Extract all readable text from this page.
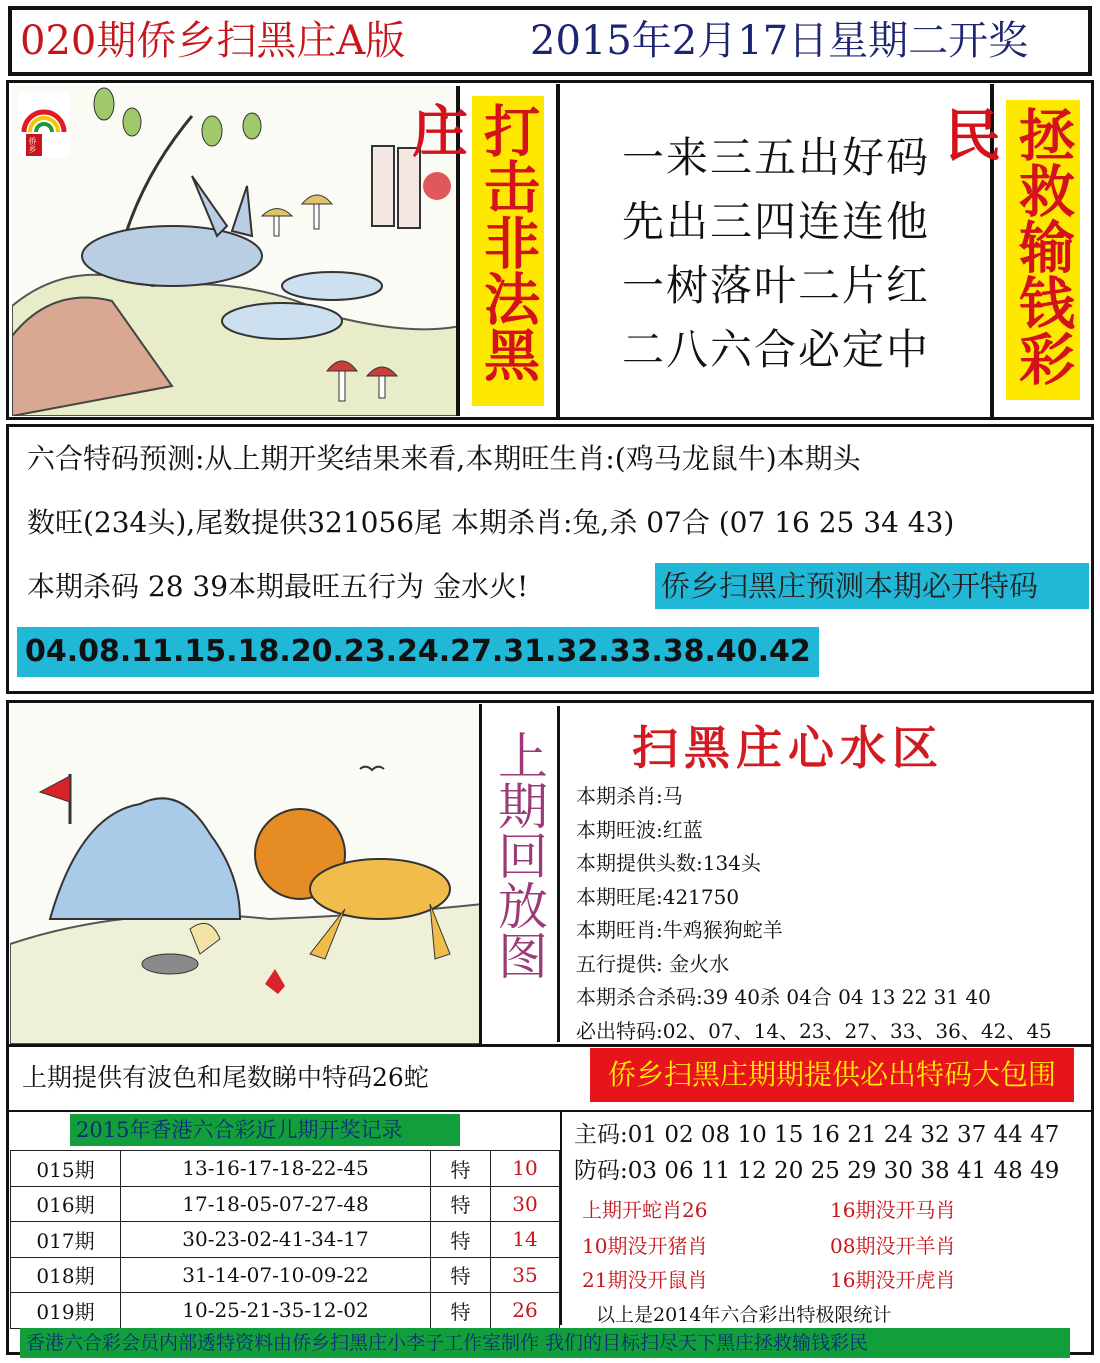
020期侨乡扫黑庄A版	2015年2月17日星期二开奖
侨乡	打击非法黑庄	一来三五出好码

先出三四连连他

一树落叶二片红

二八六合必定中 拯救输钱彩民
六合特码预测:从上期开奖结果来看,本期旺生肖:(鸡马龙鼠牛)本期头
数旺(234头),尾数提供321056尾 本期杀肖:兔,杀 07合 (07 16 25 34 43)
本期杀码 28 39本期最旺五行为 金水火!	侨乡扫黑庄预测本期必开特码
04.08.11.15.18.20.23.24.27.31.32.33.38.40.42
上期回放图 扫黑庄心水区
本期杀肖:马
本期旺波:红蓝
本期提供头数:134头
本期旺尾:421750
本期旺肖:牛鸡猴狗蛇羊
五行提供: 金火水
本期杀合杀码:39 40杀 04合 04 13 22 31 40
必出特码:02、07、14、23、27、33、36、42、45
上期提供有波色和尾数睇中特码26蛇	侨乡扫黑庄期期提供必出特码大包围
2015年香港六合彩近儿期开奖记录
015期	13-16-17-18-22-45	特	10
016期	17-18-05-07-27-48	特	30
017期	30-23-02-41-34-17	特	14
018期	31-14-07-10-09-22	特	35
019期	10-25-21-35-12-02	特	26
主码:01 02 08 10 15 16 21 24 32 37 44 47
防码:03 06 11 12 20 25 29 30 38 41 48 49
上期开蛇肖26	16期没开马肖
10期没开猪肖	08期没开羊肖
21期没开鼠肖	16期没开虎肖
以上是2014年六合彩出特极限统计
香港六合彩会员内部透特资料由侨乡扫黑庄小李子工作室制作 我们的目标扫尽天下黑庄拯救输钱彩民
